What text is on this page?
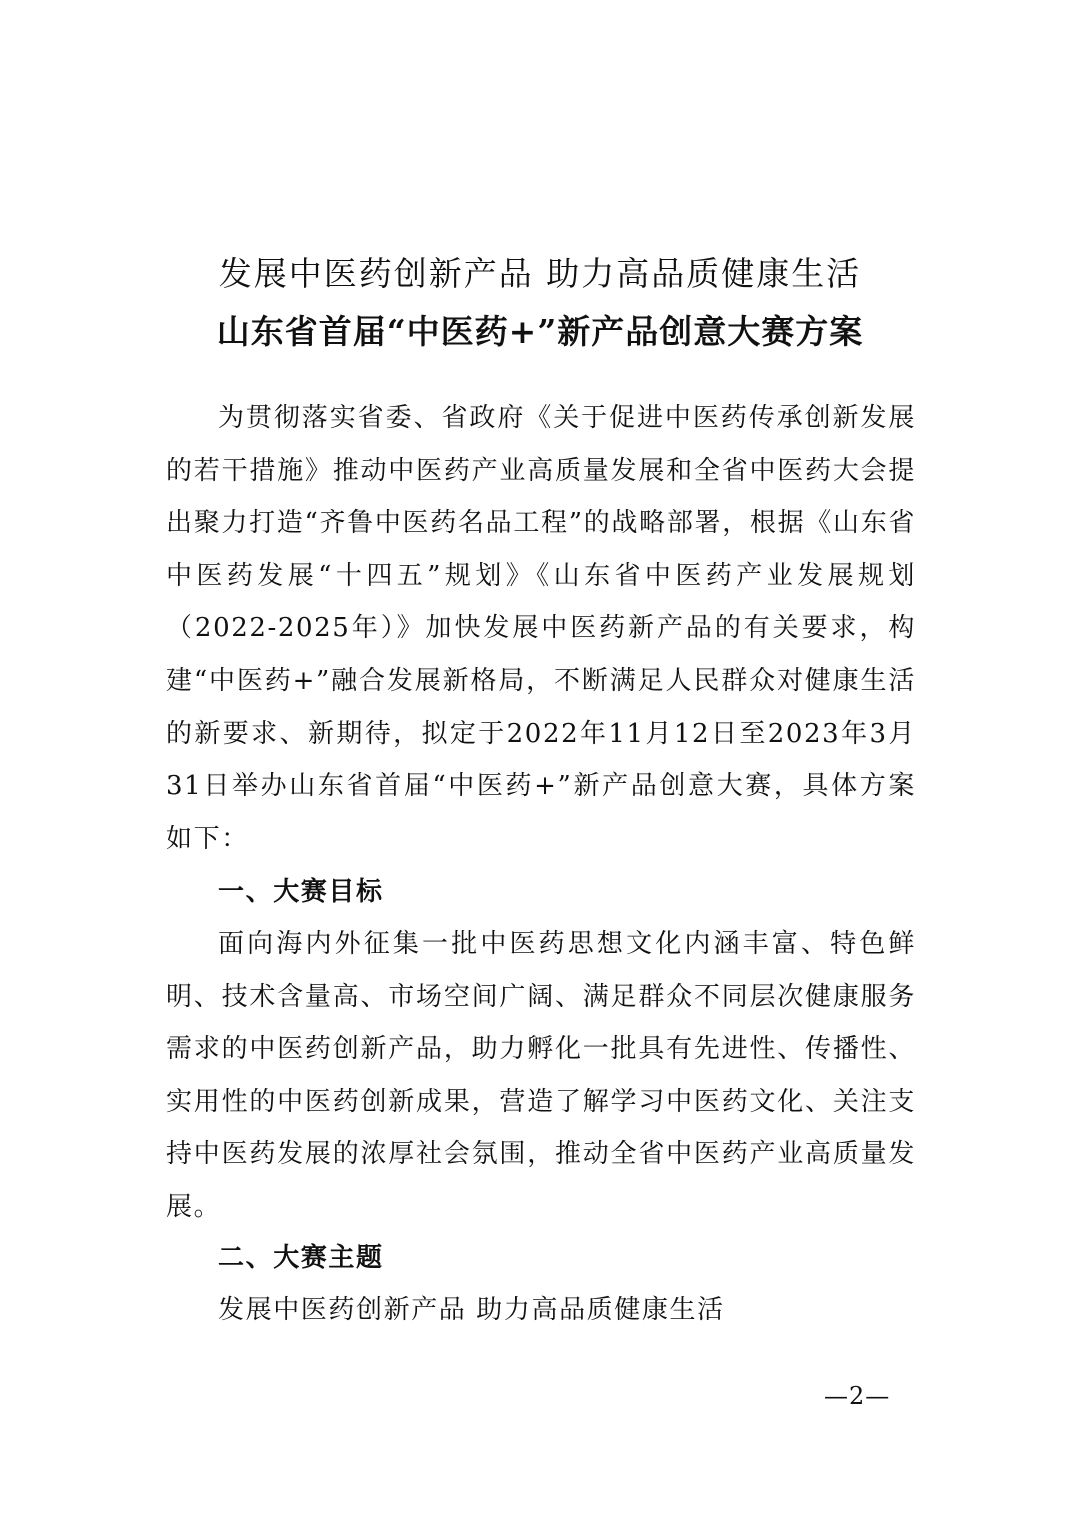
发展中医药创新产品 助力高品质健康生活
山东省首届“中医药+”新产品创意大赛方案

为贯彻落实省委、省政府《关于促进中医药传承创新发展的若干措施》推动中医药产业高质量发展和全省中医药大会提出聚力打造“齐鲁中医药名品工程”的战略部署，根据《山东省中医药发展“十四五”规划》《山东省中医药产业发展规划（2022-2025年）》加快发展中医药新产品的有关要求，构建“中医药+”融合发展新格局，不断满足人民群众对健康生活的新要求、新期待，拟定于2022年11月12日至2023年3月31日举办山东省首届“中医药+”新产品创意大赛，具体方案如下：

一、大赛目标

面向海内外征集一批中医药思想文化内涵丰富、特色鲜明、技术含量高、市场空间广阔、满足群众不同层次健康服务需求的中医药创新产品，助力孵化一批具有先进性、传播性、实用性的中医药创新成果，营造了解学习中医药文化、关注支持中医药发展的浓厚社会氛围，推动全省中医药产业高质量发展。

二、大赛主题

发展中医药创新产品 助力高品质健康生活

—2—
